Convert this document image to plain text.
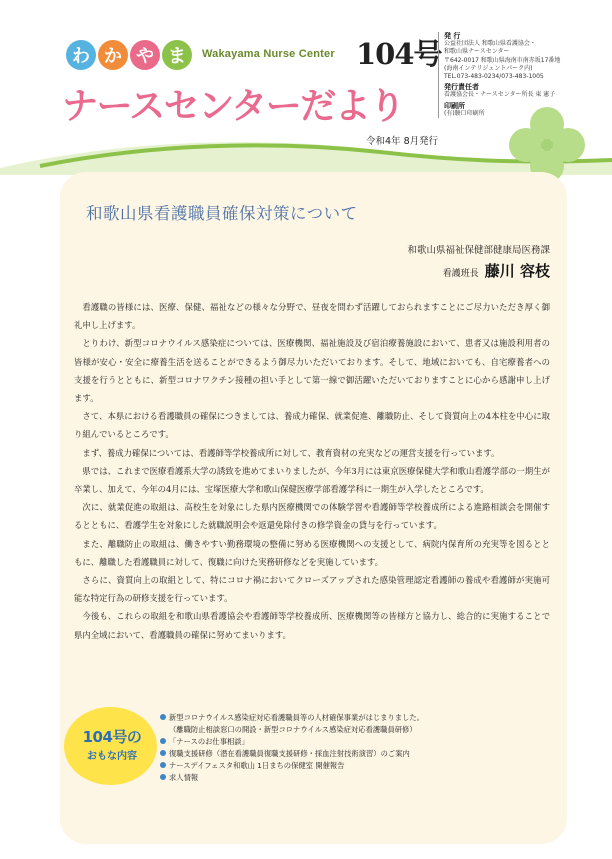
わ か や ま	Wakayama Nurse Center 104号
ナースセンターだより
令和4年 8月発行
発 行
公益社団法人 和歌山県看護協会・
和歌山県ナースセンター
〒642-0017 和歌山県海南市南赤坂17番地
(海南インテリジェントパーク内)
TEL.073-483-0234/073-483-1005
発行責任者
看護協会長・ナースセンター所長 東 憲子
印刷所
(有)駿口印刷所
和歌山県看護職員確保対策について
和歌山県福祉保健部健康局医務課
看護班長 藤川 容枝

看護職の皆様には、医療、保健、福祉などの様々な分野で、昼夜を問わず活躍しておられますことにご尽力いただき厚く御礼申し上げます。

とりわけ、新型コロナウイルス感染症については、医療機関、福祉施設及び宿泊療養施設において、患者又は施設利用者の皆様が安心・安全に療養生活を送ることができるよう御尽力いただいております。そして、地域においても、自宅療養者への支援を行うとともに、新型コロナワクチン接種の担い手として第一線で御活躍いただいておりますことに心から感謝申し上げます。

さて、本県における看護職員の確保につきましては、養成力確保、就業促進、離職防止、そして資質向上の4本柱を中心に取り組んでいるところです。

まず、養成力確保については、看護師等学校養成所に対して、教育資材の充実などの運営支援を行っています。

県では、これまで医療看護系大学の誘致を進めてまいりましたが、今年3月には東京医療保健大学和歌山看護学部の一期生が卒業し、加えて、今年の4月には、宝塚医療大学和歌山保健医療学部看護学科に一期生が入学したところです。

次に、就業促進の取組は、高校生を対象にした県内医療機関での体験学習や看護師等学校養成所による進路相談会を開催するとともに、看護学生を対象にした就職説明会や返還免除付きの修学資金の貸与を行っています。

また、離職防止の取組は、働きやすい勤務環境の整備に努める医療機関への支援として、病院内保育所の充実等を図るとともに、離職した看護職員に対して、復職に向けた実務研修などを実施しています。

さらに、資質向上の取組として、特にコロナ禍においてクローズアップされた感染管理認定看護師の養成や看護師が実施可能な特定行為の研修支援を行っています。

今後も、これらの取組を和歌山県看護協会や看護師等学校養成所、医療機関等の皆様方と協力し、総合的に実施することで県内全域において、看護職員の確保に努めてまいります。

104号の
おもな内容
新型コロナウイルス感染症対応看護職員等の人材確保事業がはじまりました。
（離職防止相談窓口の開設・新型コロナウイルス感染症対応看護職員研修）
「ナースのお仕事相談」
復職支援研修（潜在看護職員復職支援研修・採血注射技術演習）のご案内
ナースデイフェスタ和歌山 1日まちの保健室 開催報告
求人情報
